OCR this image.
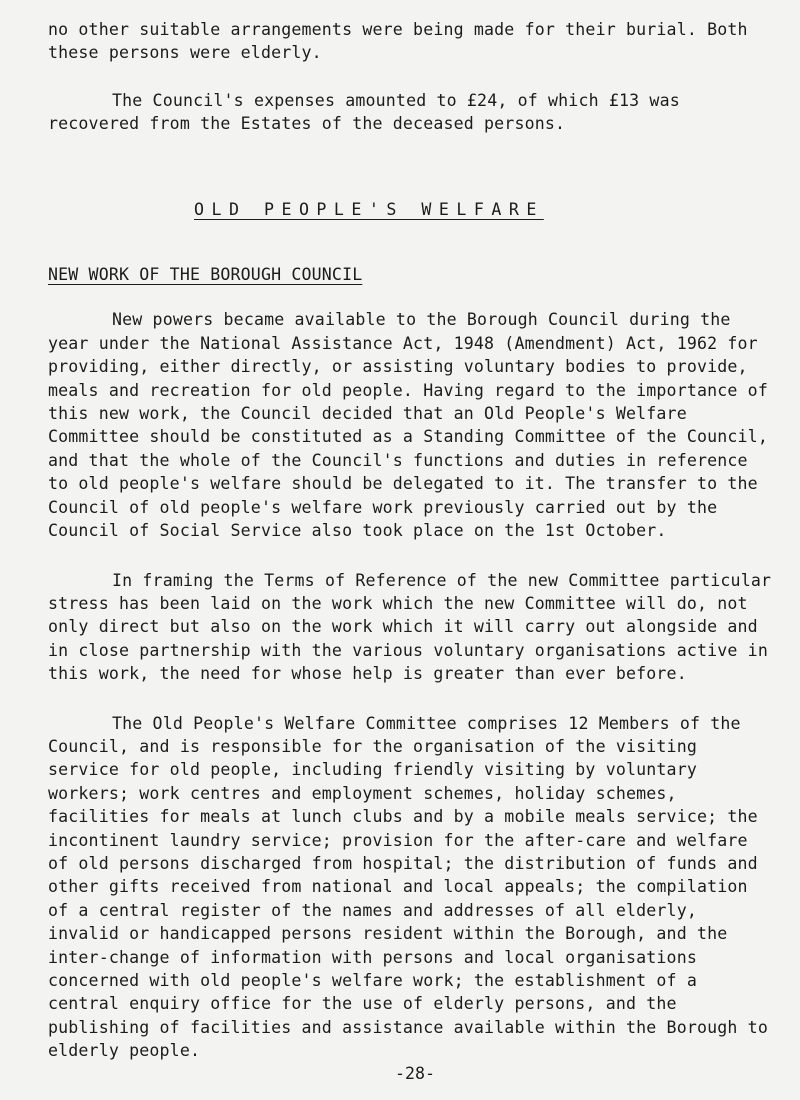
no other suitable arrangements were being made for their burial. Both these persons were elderly.

The Council's expenses amounted to £24, of which £13 was recovered from the Estates of the deceased persons.

OLD PEOPLE'S WELFARE

NEW WORK OF THE BOROUGH COUNCIL

New powers became available to the Borough Council during the year under the National Assistance Act, 1948 (Amendment) Act, 1962 for providing, either directly, or assisting voluntary bodies to provide, meals and recreation for old people. Having regard to the importance of this new work, the Council decided that an Old People's Welfare Committee should be constituted as a Standing Committee of the Council, and that the whole of the Council's functions and duties in reference to old people's welfare should be delegated to it. The transfer to the Council of old people's welfare work previously carried out by the Council of Social Service also took place on the 1st October.

In framing the Terms of Reference of the new Committee particular stress has been laid on the work which the new Committee will do, not only direct but also on the work which it will carry out alongside and in close partnership with the various voluntary organisations active in this work, the need for whose help is greater than ever before.

The Old People's Welfare Committee comprises 12 Members of the Council, and is responsible for the organisation of the visiting service for old people, including friendly visiting by voluntary workers; work centres and employment schemes, holiday schemes, facilities for meals at lunch clubs and by a mobile meals service; the incontinent laundry service; provision for the after-care and welfare of old persons discharged from hospital; the distribution of funds and other gifts received from national and local appeals; the compilation of a central register of the names and addresses of all elderly, invalid or handicapped persons resident within the Borough, and the inter-change of information with persons and local organisations concerned with old people's welfare work; the establishment of a central enquiry office for the use of elderly persons, and the publishing of facilities and assistance available within the Borough to elderly people.

-28-
